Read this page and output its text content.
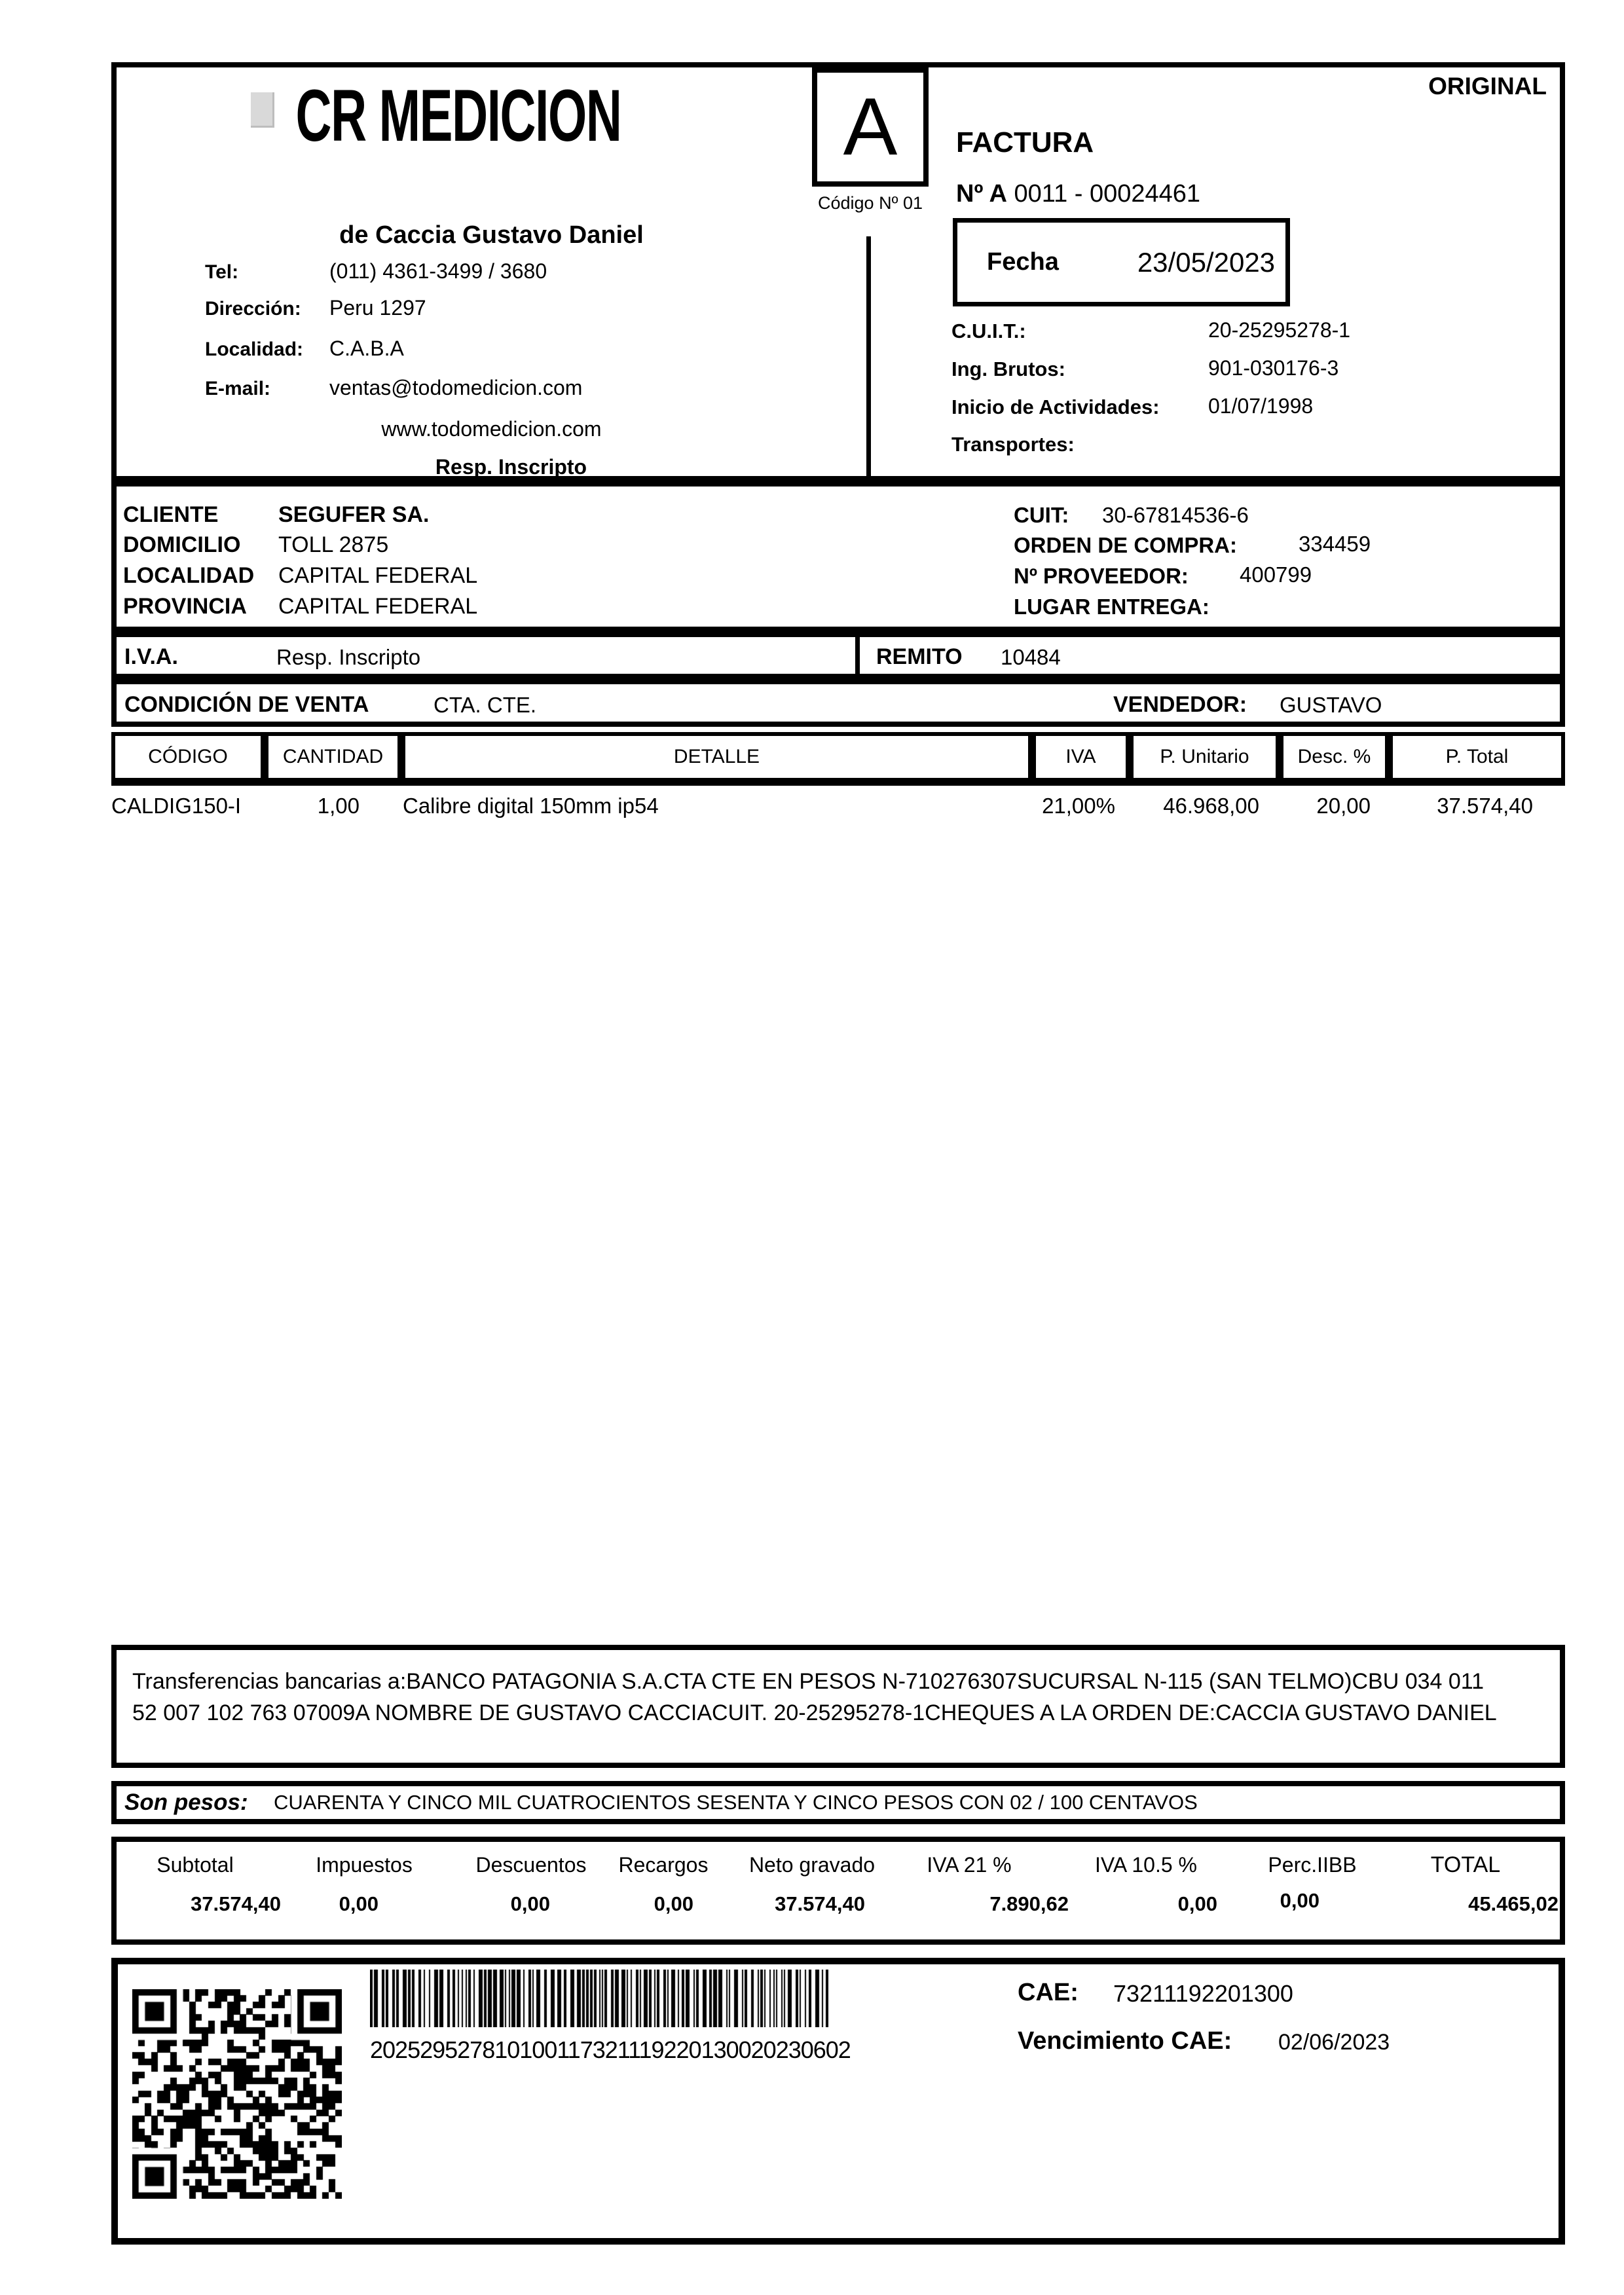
CR MEDICION
de Caccia Gustavo Daniel
Tel:	(011) 4361-3499 / 3680
Dirección: Peru 1297
Localidad: C.A.B.A
E-mail:	ventas@todomedicion.com
www.todomedicion.com
Resp. Inscripto
ORIGINAL
A
Código Nº 01
FACTURA
Nº A 0011 - 00024461
Fecha	23/05/2023
C.U.I.T.:	20-25295278-1
Ing. Brutos:	901-030176-3
Inicio de Actividades: 01/07/1998
Transportes:
CLIENTE	SEGUFER SA.
DOMICILIO TOLL 2875
LOCALIDAD CAPITAL FEDERAL
PROVINCIA CAPITAL FEDERAL
CUIT: 30-67814536-6
ORDEN DE COMPRA:	334459
Nº PROVEEDOR: 400799
LUGAR ENTREGA:
I.V.A.	Resp. Inscripto	REMITO 10484
CONDICIÓN DE VENTA	CTA. CTE.	VENDEDOR: GUSTAVO
CÓDIGO	CANTIDAD	DETALLE	IVA	P. Unitario	Desc. %	P. Total
CALDIG150-I	1,00 Calibre digital 150mm ip54	21,00%	46.968,00	20,00	37.574,40
Transferencias bancarias a:BANCO PATAGONIA S.A.CTA CTE EN PESOS N-710276307SUCURSAL N-115 (SAN TELMO)CBU 034 011 52 007 102 763 07009A NOMBRE DE GUSTAVO CACCIACUIT. 20-25295278-1CHEQUES A LA ORDEN DE:CACCIA GUSTAVO DANIEL
Son pesos:	CUARENTA Y CINCO MIL CUATROCIENTOS SESENTA Y CINCO PESOS CON 02 / 100 CENTAVOS
Subtotal	Impuestos	Descuentos	Recargos	Neto gravado	IVA 21 %	IVA 10.5 %	Perc.IIBB	TOTAL
37.574,40	0,00	0,00	0,00	37.574,40	7.890,62	0,00	0,00	45.465,02
202529527810100117321119220130020230602
CAE: 73211192201300
Vencimiento CAE: 02/06/2023
